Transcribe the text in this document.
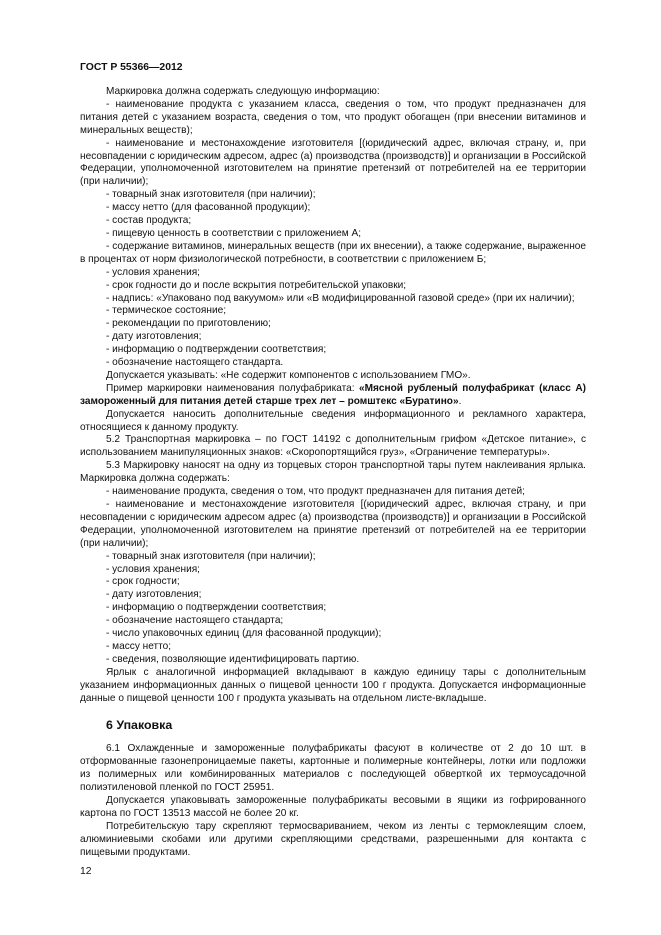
ГОСТ Р 55366—2012
Маркировка должна содержать следующую информацию:
- наименование продукта с указанием класса, сведения о том, что продукт предназначен для питания детей с указанием возраста, сведения о том, что продукт обогащен (при внесении витаминов и минеральных веществ);
- наименование и местонахождение изготовителя [(юридический адрес, включая страну, и, при несовпадении с юридическим адресом, адрес (а) производства (производств)] и организации в Российской Федерации, уполномоченной изготовителем на принятие претензий от потребителей на ее территории (при наличии);
- товарный знак изготовителя (при наличии);
- массу нетто (для фасованной продукции);
- состав продукта;
- пищевую ценность в соответствии с приложением А;
- содержание витаминов, минеральных веществ (при их внесении), а также содержание, выраженное в процентах от норм физиологической потребности, в соответствии с приложением Б;
- условия хранения;
- срок годности до и после вскрытия потребительской упаковки;
- надпись: «Упаковано под вакуумом» или «В модифицированной газовой среде» (при их наличии);
- термическое состояние;
- рекомендации по приготовлению;
- дату изготовления;
- информацию о подтверждении соответствия;
- обозначение настоящего стандарта.
Допускается указывать: «Не содержит компонентов с использованием ГМО».
Пример маркировки наименования полуфабриката: «Мясной рубленый полуфабрикат (класс А) замороженный для питания детей старше трех лет – ромштекс «Буратино».
Допускается наносить дополнительные сведения информационного и рекламного характера, относящиеся к данному продукту.
5.2 Транспортная маркировка – по ГОСТ 14192 с дополнительным грифом «Детское питание», с использованием манипуляционных знаков: «Скоропортящийся груз», «Ограничение температуры».
5.3 Маркировку наносят на одну из торцевых сторон транспортной тары путем наклеивания ярлыка. Маркировка должна содержать:
- наименование продукта, сведения о том, что продукт предназначен для питания детей;
- наименование и местонахождение изготовителя [(юридический адрес, включая страну, и при несовпадении с юридическим адресом адрес (а) производства (производств)] и организации в Российской Федерации, уполномоченной изготовителем на принятие претензий от потребителей на ее территории (при наличии);
- товарный знак изготовителя (при наличии);
- условия хранения;
- срок годности;
- дату изготовления;
- информацию о подтверждении соответствия;
- обозначение настоящего стандарта;
- число упаковочных единиц (для фасованной продукции);
- массу нетто;
- сведения, позволяющие идентифицировать партию.
Ярлык с аналогичной информацией вкладывают в каждую единицу тары с дополнительным указанием информационных данных о пищевой ценности 100 г продукта. Допускается информационные данные о пищевой ценности 100 г продукта указывать на отдельном листе-вкладыше.
6 Упаковка
6.1 Охлажденные и замороженные полуфабрикаты фасуют в количестве от 2 до 10 шт. в отформованные газонепроницаемые пакеты, картонные и полимерные контейнеры, лотки или подложки из полимерных или комбинированных материалов с последующей обверткой их термоусадочной полиэтиленовой пленкой по ГОСТ 25951.
Допускается упаковывать замороженные полуфабрикаты весовыми в ящики из гофрированного картона по ГОСТ 13513 массой не более 20 кг.
Потребительскую тару скрепляют термосвариванием, чеком из ленты с термоклеящим слоем, алюминиевыми скобами или другими скрепляющими средствами, разрешенными для контакта с пищевыми продуктами.
12
